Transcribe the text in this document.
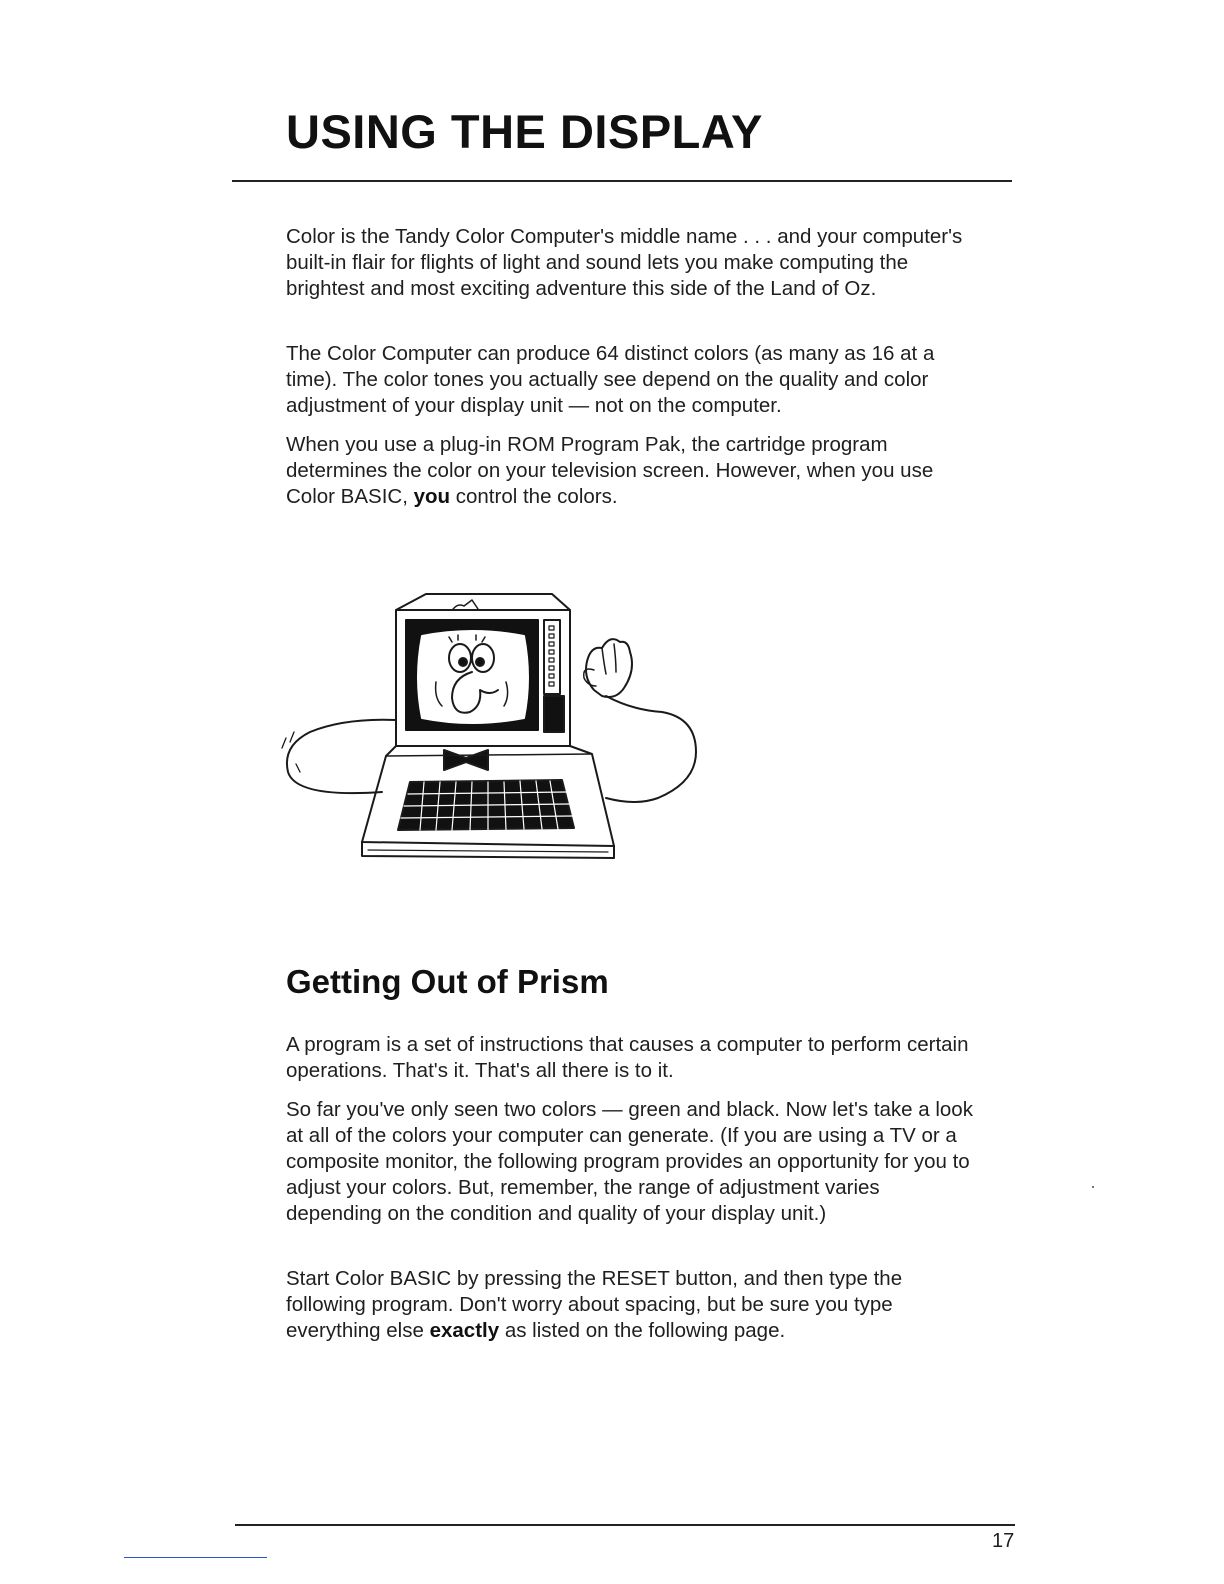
USING THE DISPLAY

Color is the Tandy Color Computer's middle name . . . and your computer's built-in flair for flights of light and sound lets you make computing the brightest and most exciting adventure this side of the Land of Oz.

The Color Computer can produce 64 distinct colors (as many as 16 at a time). The color tones you actually see depend on the quality and color adjustment of your display unit — not on the computer.

When you use a plug-in ROM Program Pak, the cartridge program determines the color on your television screen. However, when you use Color BASIC, you control the colors.

Getting Out of Prism

A program is a set of instructions that causes a computer to perform certain operations. That's it. That's all there is to it.

So far you've only seen two colors — green and black. Now let's take a look at all of the colors your computer can generate. (If you are using a TV or a composite monitor, the following program provides an opportunity for you to adjust your colors. But, remember, the range of adjustment varies depending on the condition and quality of your display unit.)

Start Color BASIC by pressing the RESET button, and then type the following program. Don't worry about spacing, but be sure you type everything else exactly as listed on the following page.

17
